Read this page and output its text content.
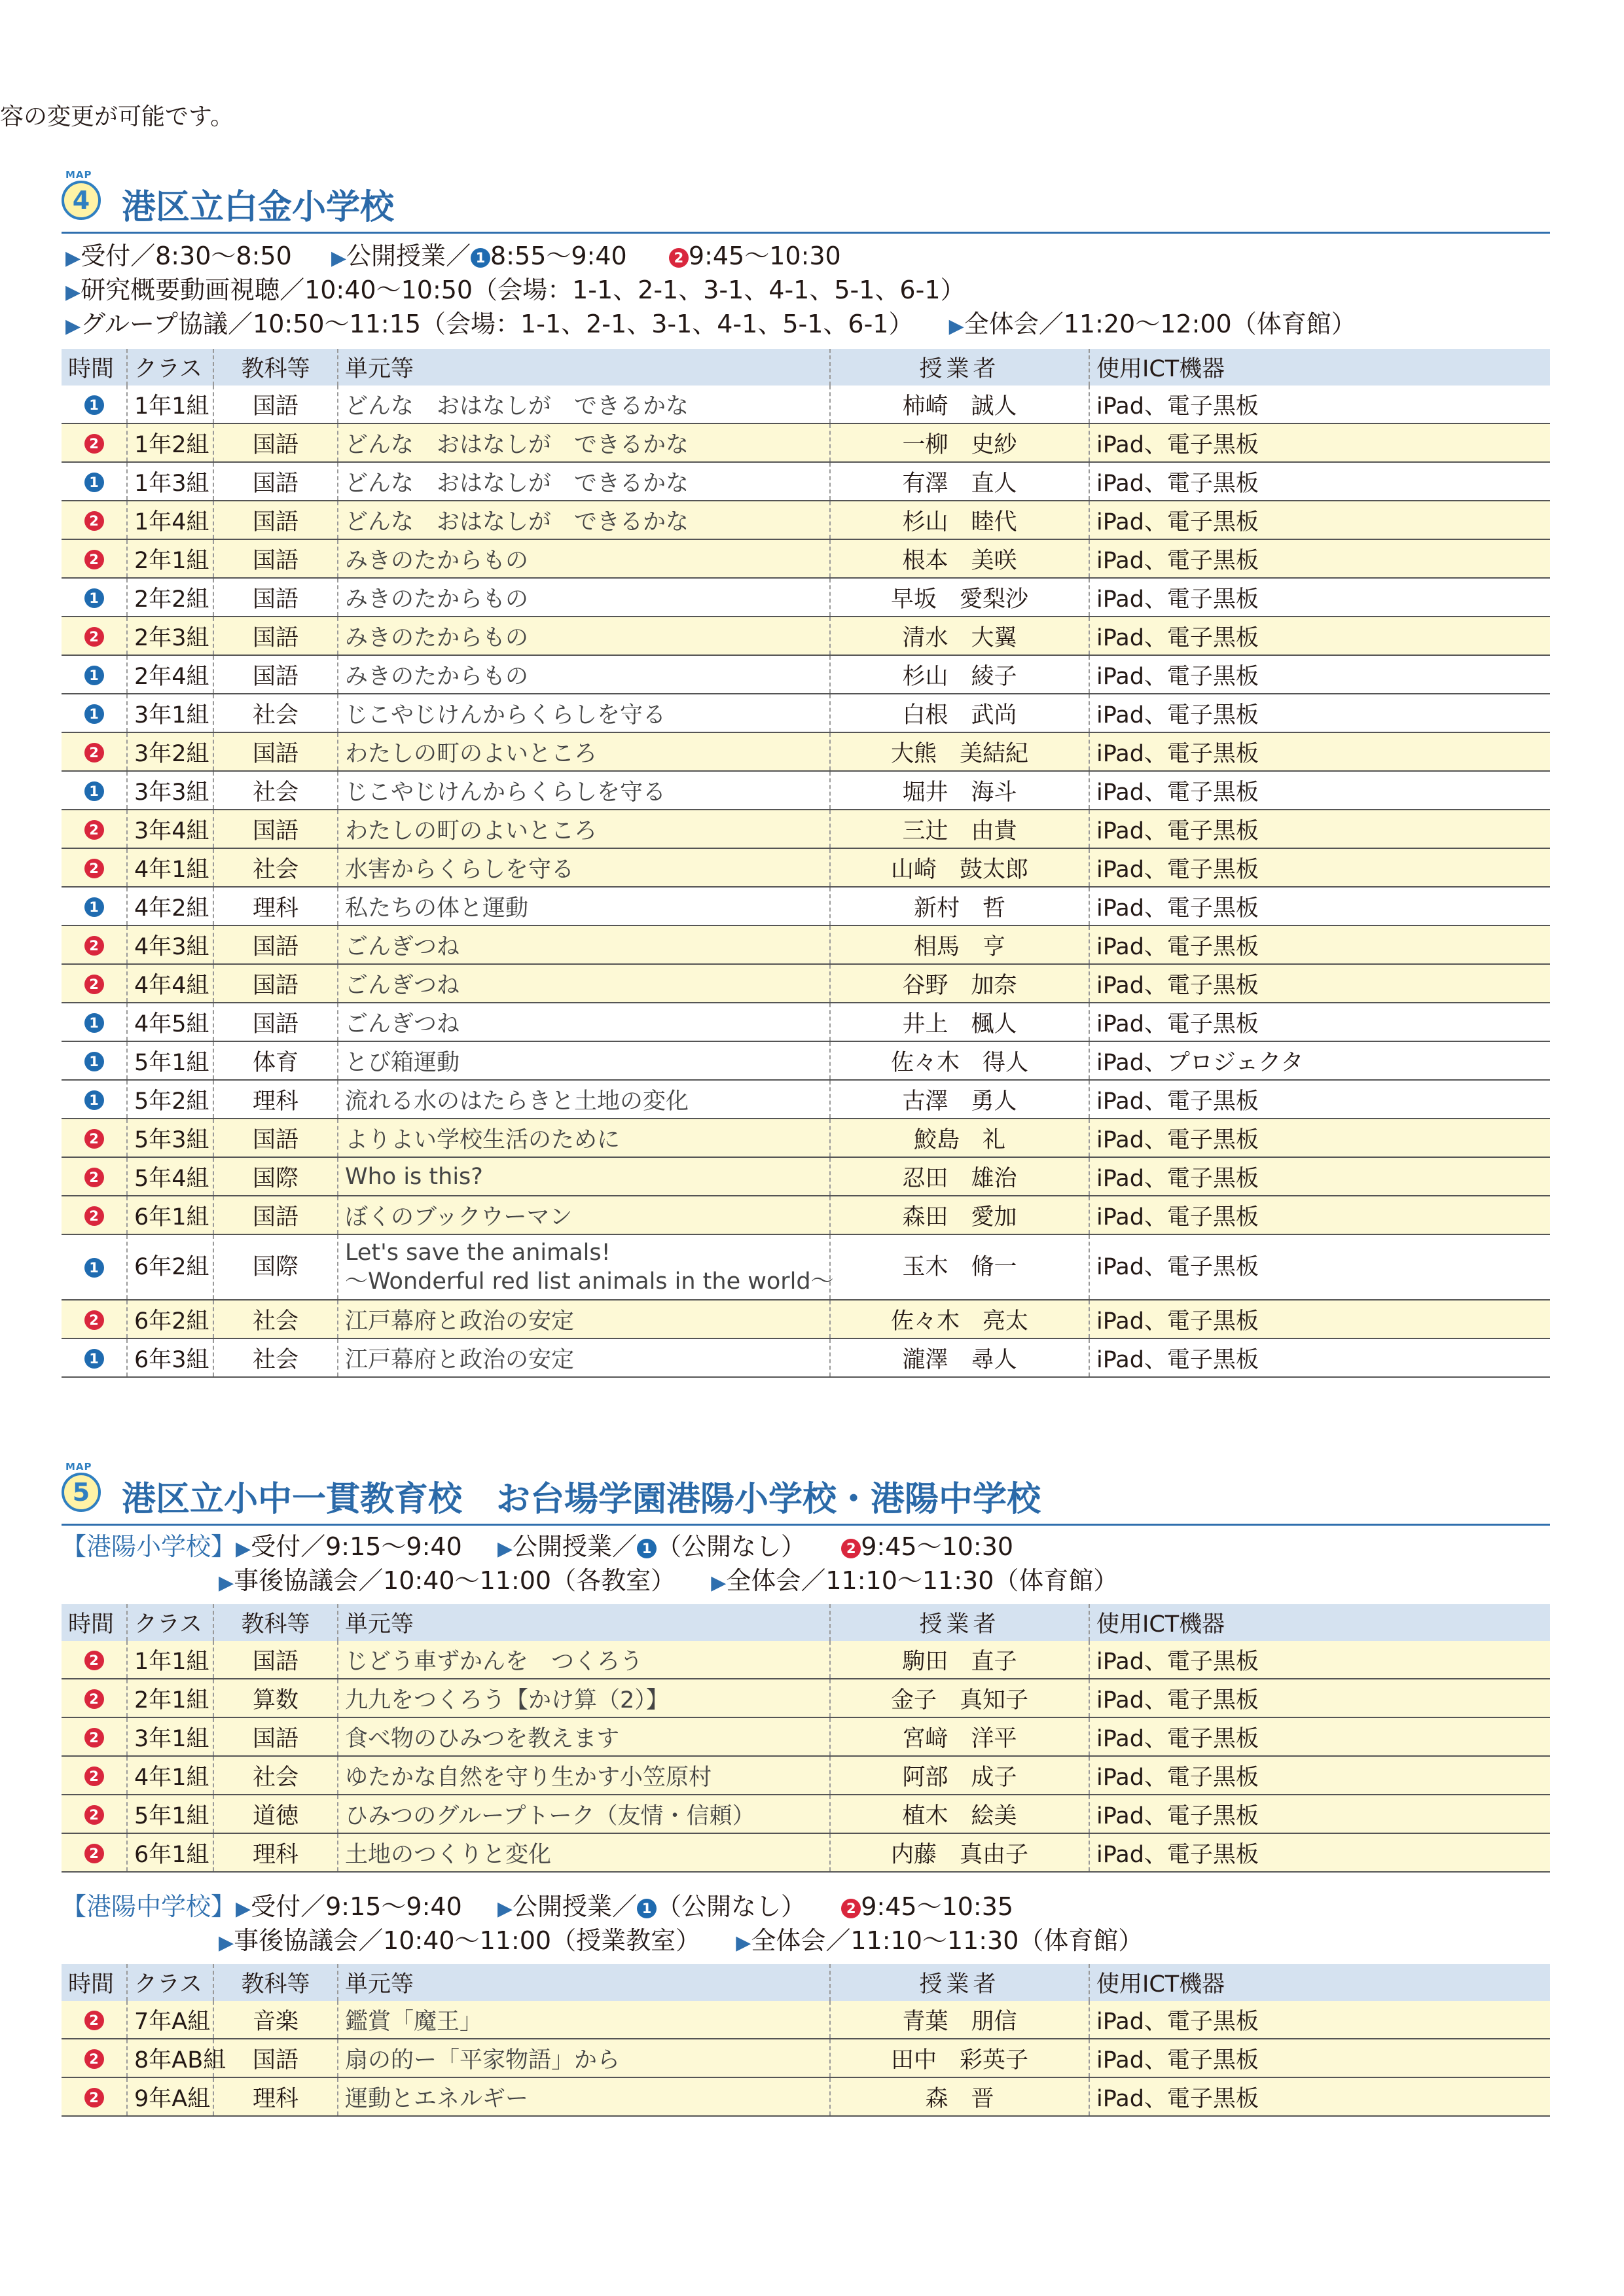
容の変更が可能です。
MAP
4 港区立白金小学校
▶受付／8:30〜8:50 ▶公開授業／ 1 8:55〜9:40	2 9:45〜10:30
▶研究概要動画視聴／10:40〜10:50（会場：1-1、2-1、3-1、4-1、5-1、6-1）
▶グループ協議／10:50〜11:15（会場：1-1、2-1、3-1、4-1、5-1、6-1） ▶全体会／11:20〜12:00（体育館）
時間	クラス	教科等	単元等	授業者	使用ICT機器
1	1年1組	国語	どんな　おはなしが　できるかな	柿崎　誠人	iPad、電子黒板
2	1年2組	国語	どんな　おはなしが　できるかな	一柳　史紗	iPad、電子黒板
1	1年3組	国語	どんな　おはなしが　できるかな	有澤　直人	iPad、電子黒板
2	1年4組	国語	どんな　おはなしが　できるかな	杉山　睦代	iPad、電子黒板
2	2年1組	国語	みきのたからもの	根本　美咲	iPad、電子黒板
1	2年2組	国語	みきのたからもの	早坂　愛梨沙	iPad、電子黒板
2	2年3組	国語	みきのたからもの	清水　大翼	iPad、電子黒板
1	2年4組	国語	みきのたからもの	杉山　綾子	iPad、電子黒板
1	3年1組	社会	じこやじけんからくらしを守る	白根　武尚	iPad、電子黒板
2	3年2組	国語	わたしの町のよいところ	大熊　美結紀	iPad、電子黒板
1	3年3組	社会	じこやじけんからくらしを守る	堀井　海斗	iPad、電子黒板
2	3年4組	国語	わたしの町のよいところ	三辻　由貴	iPad、電子黒板
2	4年1組	社会	水害からくらしを守る	山崎　鼓太郎	iPad、電子黒板
1	4年2組	理科	私たちの体と運動	新村　哲	iPad、電子黒板
2	4年3組	国語	ごんぎつね	相馬　亨	iPad、電子黒板
2	4年4組	国語	ごんぎつね	谷野　加奈	iPad、電子黒板
1	4年5組	国語	ごんぎつね	井上　楓人	iPad、電子黒板
1	5年1組	体育	とび箱運動	佐々木　得人	iPad、プロジェクタ
1	5年2組	理科	流れる水のはたらきと土地の変化	古澤　勇人	iPad、電子黒板
2	5年3組	国語	よりよい学校生活のために	鮫島　礼	iPad、電子黒板
2	5年4組	国際	Who is this?	忍田　雄治	iPad、電子黒板
2	6年1組	国語	ぼくのブックウーマン	森田　愛加	iPad、電子黒板
1	6年2組	国際	Let's save the animals!
〜Wonderful red list animals in the world〜	玉木　脩一	iPad、電子黒板
2	6年2組	社会	江戸幕府と政治の安定	佐々木　亮太	iPad、電子黒板
1	6年3組	社会	江戸幕府と政治の安定	瀧澤　尋人	iPad、電子黒板
MAP
5 港区立小中一貫教育校　お台場学園港陽小学校・港陽中学校
【港陽小学校】▶受付／9:15〜9:40 ▶公開授業／ 1 （公開なし）	2 9:45〜10:30
▶事後協議会／10:40〜11:00（各教室） ▶全体会／11:10〜11:30（体育館）
時間	クラス	教科等	単元等	授業者	使用ICT機器
2	1年1組	国語	じどう車ずかんを　つくろう	駒田　直子	iPad、電子黒板
2	2年1組	算数	九九をつくろう【かけ算（2）】	金子　真知子	iPad、電子黒板
2	3年1組	国語	食べ物のひみつを教えます	宮﨑　洋平	iPad、電子黒板
2	4年1組	社会	ゆたかな自然を守り生かす小笠原村	阿部　成子	iPad、電子黒板
2	5年1組	道徳	ひみつのグループトーク（友情・信頼）	植木　絵美	iPad、電子黒板
2	6年1組	理科	土地のつくりと変化	内藤　真由子	iPad、電子黒板
【港陽中学校】▶受付／9:15〜9:40 ▶公開授業／ 1 （公開なし）	2 9:45〜10:35
▶事後協議会／10:40〜11:00（授業教室） ▶全体会／11:10〜11:30（体育館）
時間	クラス	教科等	単元等	授業者	使用ICT機器
2	7年A組	音楽	鑑賞「魔王」	青葉　朋信	iPad、電子黒板
2	8年AB組	国語	扇の的ー「平家物語」から	田中　彩英子	iPad、電子黒板
2	9年A組	理科	運動とエネルギー	森　晋	iPad、電子黒板
